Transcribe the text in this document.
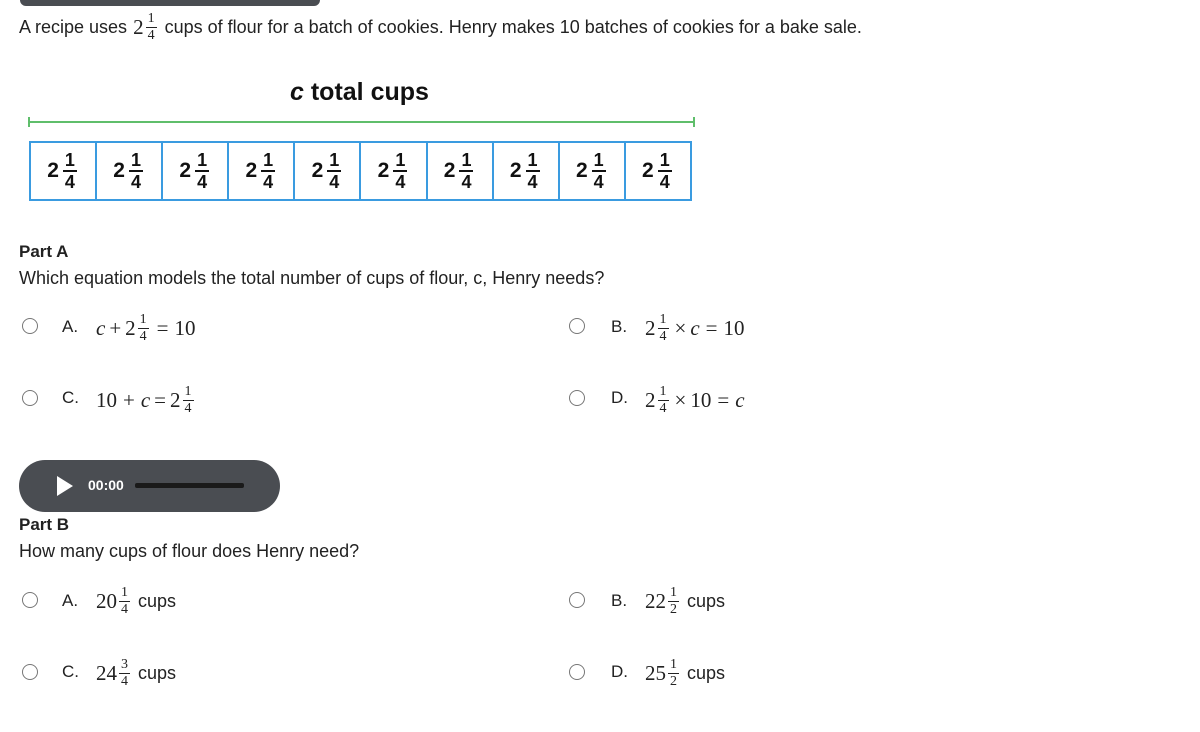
A recipe uses $2 \frac{1}{4}$ cups of flour for a batch of cookies. Henry makes 10 batches of cookies for a bake sale.
c total cups
$2 \frac{1}{4} 2 \frac{1}{4} 2 \frac{1}{4} 2 \frac{1}{4} 2 \frac{1}{4} 2 \frac{1}{4} 2 \frac{1}{4} 2 \frac{1}{4} 2 \frac{1}{4} 2 \frac{1}{4}$
Part A
Which equation models the total number of cups of flour, c, Henry needs?
A. $c + 2 \frac{1}{4} = 10$	B. $2 \frac{1}{4} \times c = 10$
C. $10 + c = 2 \frac{1}{4}$	D. $2 \frac{1}{4} \times 10 = c$
00:00
Part B
How many cups of flour does Henry need?
A. $20 \frac{1}{4}$ cups	B. $22 \frac{1}{2}$ cups
C. $24 \frac{3}{4}$ cups	D. $25 \frac{1}{2}$ cups
